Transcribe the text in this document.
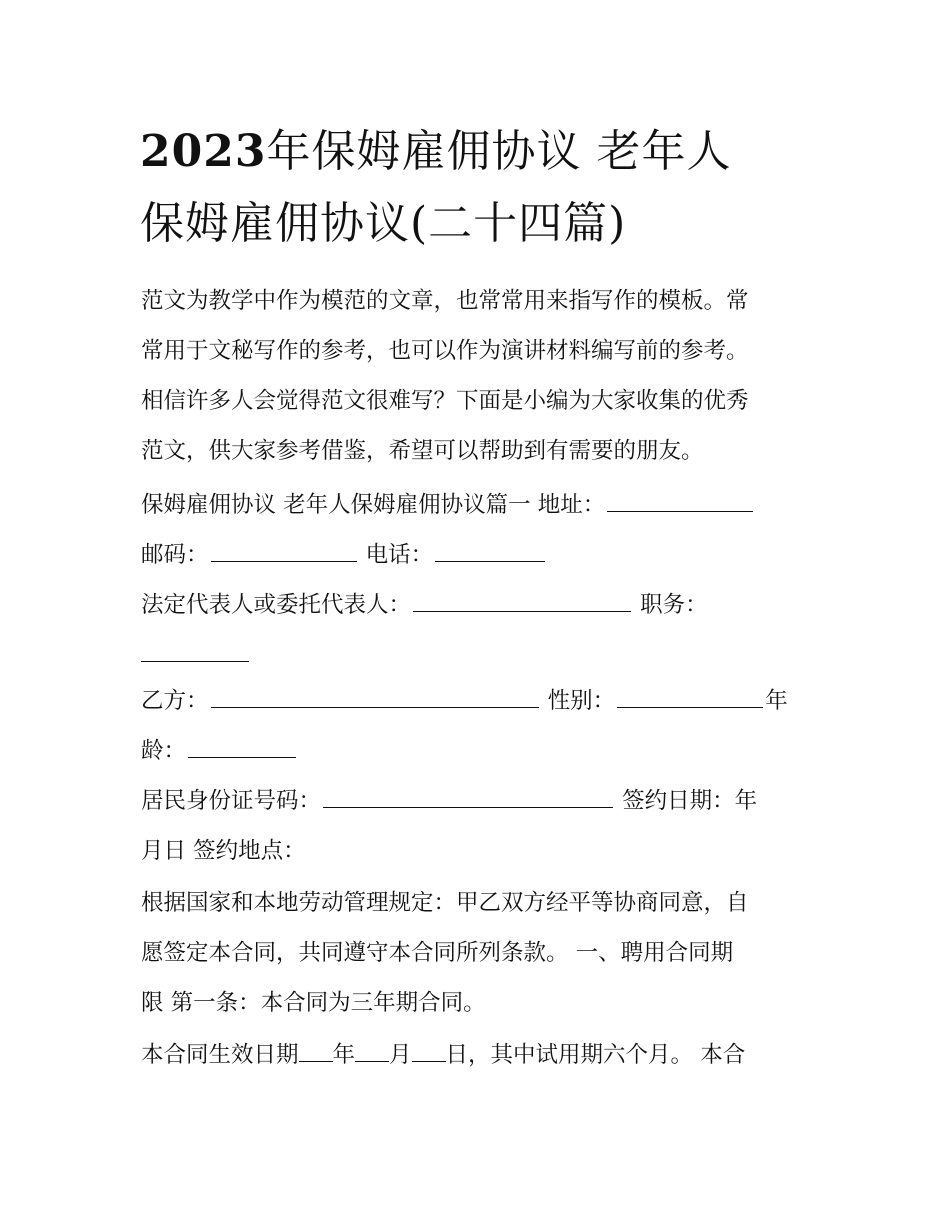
2023年保姆雇佣协议 老年人
保姆雇佣协议(二十四篇)
范文为教学中作为模范的文章，也常常用来指写作的模板。常
常用于文秘写作的参考，也可以作为演讲材料编写前的参考。
相信许多人会觉得范文很难写？下面是小编为大家收集的优秀
范文，供大家参考借鉴，希望可以帮助到有需要的朋友。
保姆雇佣协议 老年人保姆雇佣协议篇一 地址：
邮码：	电话：
法定代表人或委托代表人：	职务：
乙方：	性别：	年
龄：
居民身份证号码：	签约日期：年
月日 签约地点：
根据国家和本地劳动管理规定：甲乙双方经平等协商同意，自
愿签定本合同，共同遵守本合同所列条款。 一、聘用合同期
限 第一条：本合同为三年期合同。
本合同生效日期 年 月 日，其中试用期六个月。 本合
